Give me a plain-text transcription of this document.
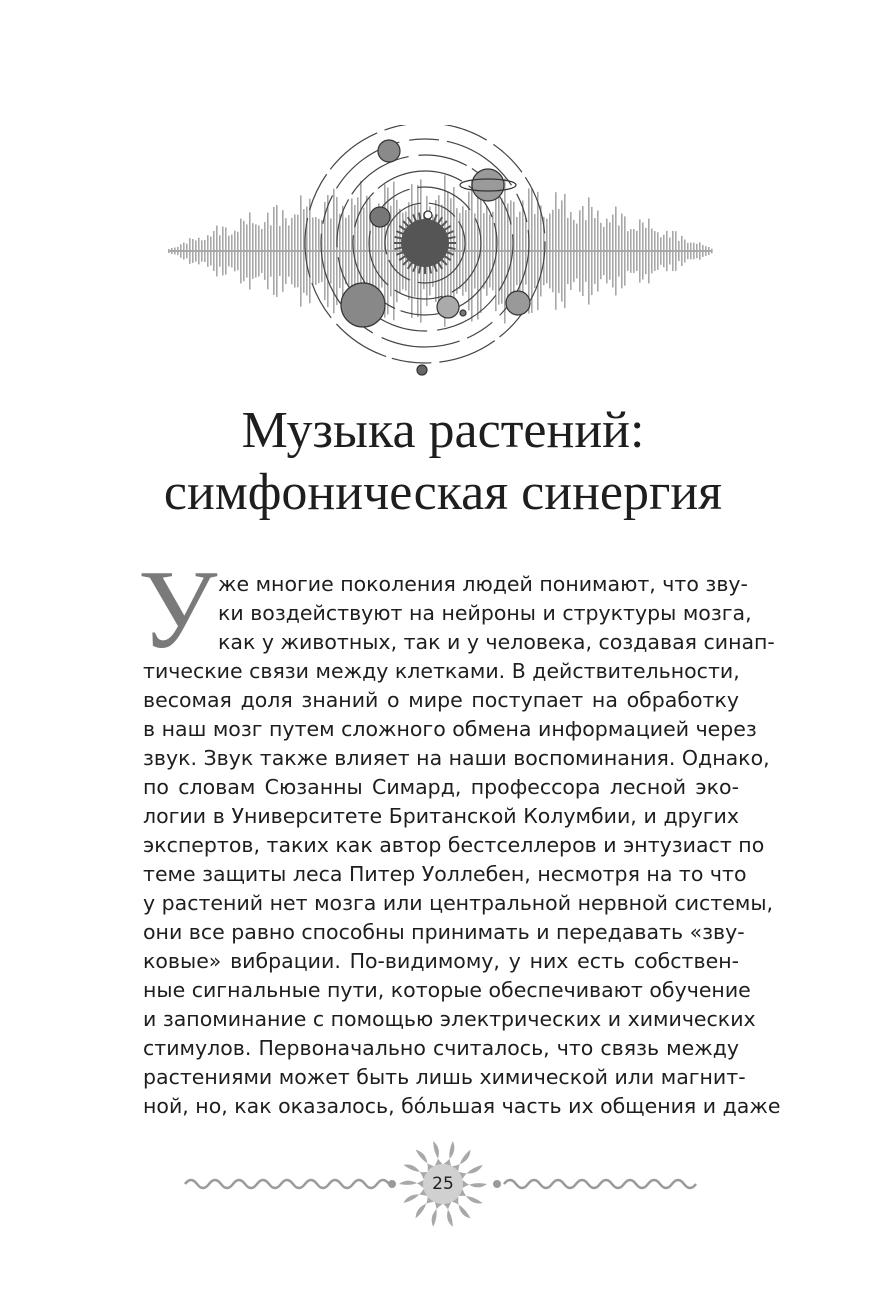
Музыка растений:
симфоническая синергия
У же многие поколения людей понимают, что зву-
ки воздействуют на нейроны и структуры мозга,
как у животных, так и у человека, создавая синап-
тические связи между клетками. В действительности,
весомая доля знаний о мире поступает на обработку
в наш мозг путем сложного обмена информацией через
звук. Звук также влияет на наши воспоминания. Однако,
по словам Сюзанны Симард, профессора лесной эко-
логии в Университете Британской Колумбии, и других
экспертов, таких как автор бестселлеров и энтузиаст по
теме защиты леса Питер Уоллебен, несмотря на то что
у растений нет мозга или центральной нервной системы,
они все равно способны принимать и передавать «зву-
ковые» вибрации. По-видимому, у них есть собствен-
ные сигнальные пути, которые обеспечивают обучение
и запоминание с помощью электрических и химических
стимулов. Первоначально считалось, что связь между
растениями может быть лишь химической или магнит-
ной, но, как оказалось, бо́льшая часть их общения и даже
25
